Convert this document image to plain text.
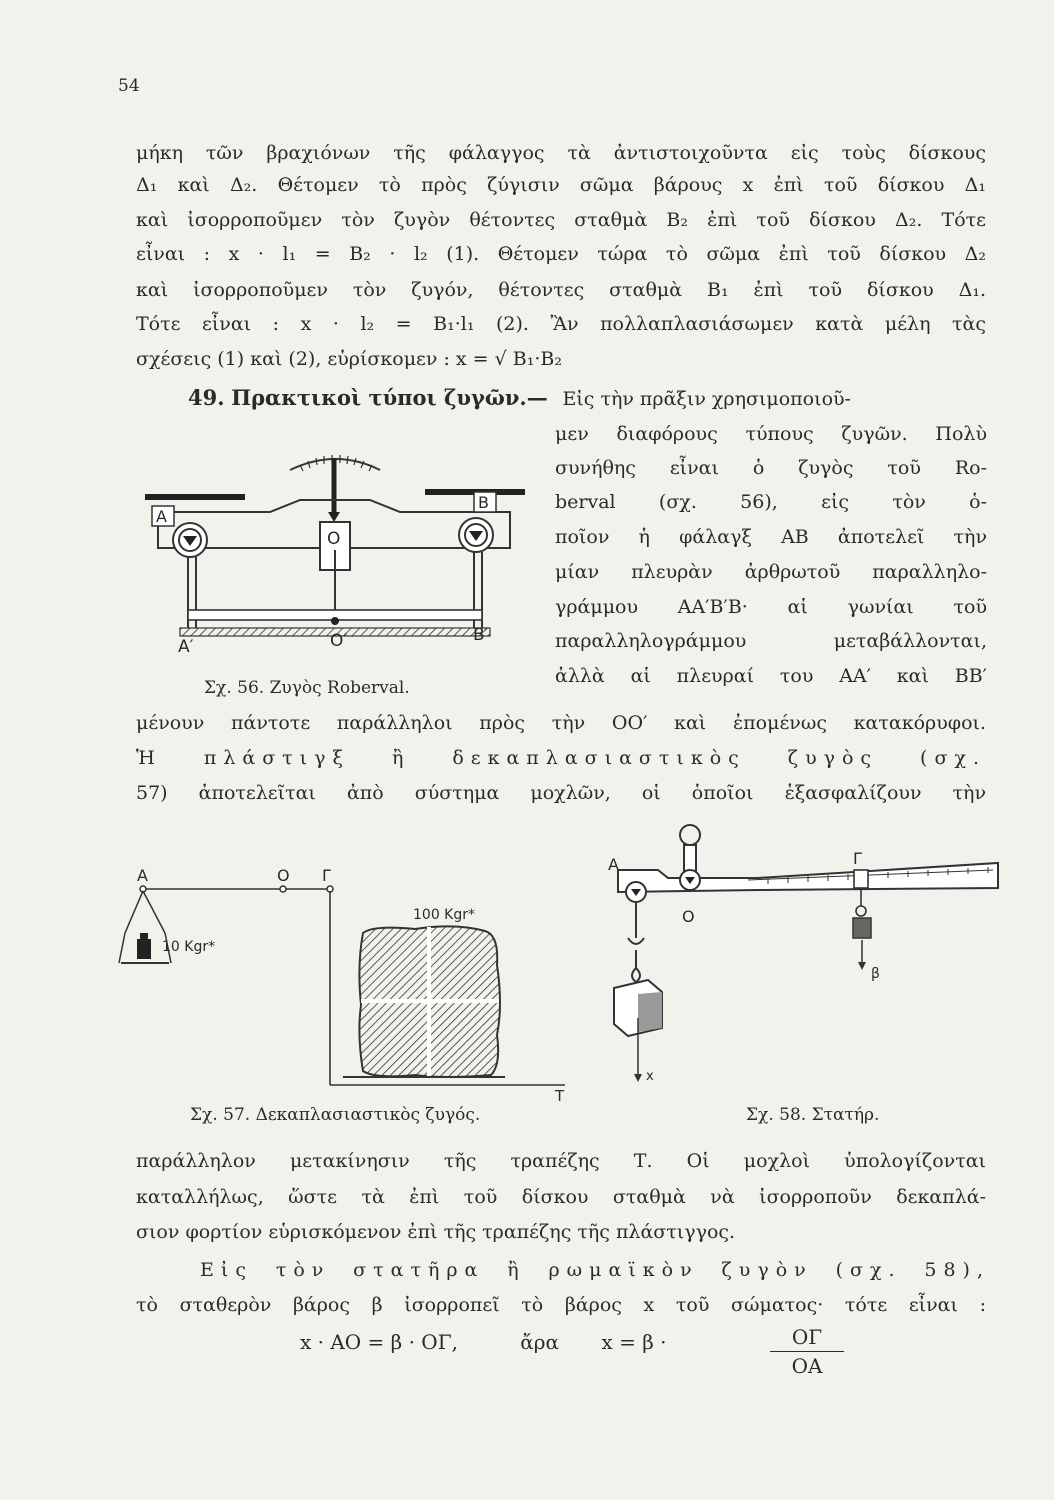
54
μήκη τῶν βραχιόνων τῆς φάλαγγος τὰ ἀντιστοιχοῦντα εἰς τοὺς δίσκους
Δ₁ καὶ Δ₂. Θέτομεν τὸ πρὸς ζύγισιν σῶμα βάρους x ἐπὶ τοῦ δίσκου Δ₁
καὶ ἰσορροποῦμεν τὸν ζυγὸν θέτοντες σταθμὰ Β₂ ἐπὶ τοῦ δίσκου Δ₂. Τότε
εἶναι : x · l₁ = Β₂ · l₂ (1). Θέτομεν τώρα τὸ σῶμα ἐπὶ τοῦ δίσκου Δ₂
καὶ ἰσορροποῦμεν τὸν ζυγόν, θέτοντες σταθμὰ Β₁ ἐπὶ τοῦ δίσκου Δ₁.
Τότε εἶναι : x · l₂ = Β₁·l₁ (2). Ἂν πολλαπλασιάσωμεν κατὰ μέλη τὰς
σχέσεις (1) καὶ (2), εὑρίσκομεν : x = √ Β₁·Β₂
49. Πρακτικοὶ τύποι ζυγῶν.— Εἰς τὴν πρᾶξιν χρησιμοποιοῦ-
μεν διαφόρους τύπους ζυγῶν. Πολὺ
συνήθης εἶναι ὁ ζυγὸς τοῦ Ro-
berval (σχ. 56), εἰς τὸν ὁ-
ποῖον ἡ φάλαγξ ΑΒ ἀποτελεῖ τὴν
μίαν πλευρὰν ἀρθρωτοῦ παραλληλο-
γράμμου ΑΑ′Β′Β· αἱ γωνίαι τοῦ
παραλληλογράμμου μεταβάλλονται,
ἀλλὰ αἱ πλευραί του ΑΑ′ καὶ ΒΒ′
O
A
B
A′	O′	B′
Σχ. 56. Ζυγὸς Roberval.
μένουν πάντοτε παράλληλοι πρὸς τὴν ΟΟ′ καὶ ἐπομένως κατακόρυφοι.
Ἡ πλάστιγξ ἢ δεκαπλασιαστικὸς ζυγὸς (σχ.
57) ἀποτελεῖται ἀπὸ σύστημα μοχλῶν, οἱ ὁποῖοι ἐξασφαλίζουν τὴν
A	O Γ
10 Kgr*
T
100 Kgr*
Σχ. 57. Δεκαπλασιαστικὸς ζυγός.
A	Γ
O
x
β
Σχ. 58. Στατήρ.
παράλληλον μετακίνησιν τῆς τραπέζης Τ. Οἱ μοχλοὶ ὑπολογίζονται
καταλλήλως, ὥστε τὰ ἐπὶ τοῦ δίσκου σταθμὰ νὰ ἰσορροποῦν δεκαπλά-
σιον φορτίον εὑρισκόμενον ἐπὶ τῆς τραπέζης τῆς πλάστιγγος.
Εἰς τὸν στατῆρα ἢ ρωμαϊκὸν ζυγὸν (σχ. 58),
τὸ σταθερὸν βάρος β ἰσορροπεῖ τὸ βάρος x τοῦ σώματος· τότε εἶναι :
x · ΑΟ = β · ΟΓ,	ἄρα x = β ·	$\frac{O\Gamma}{OA}$
